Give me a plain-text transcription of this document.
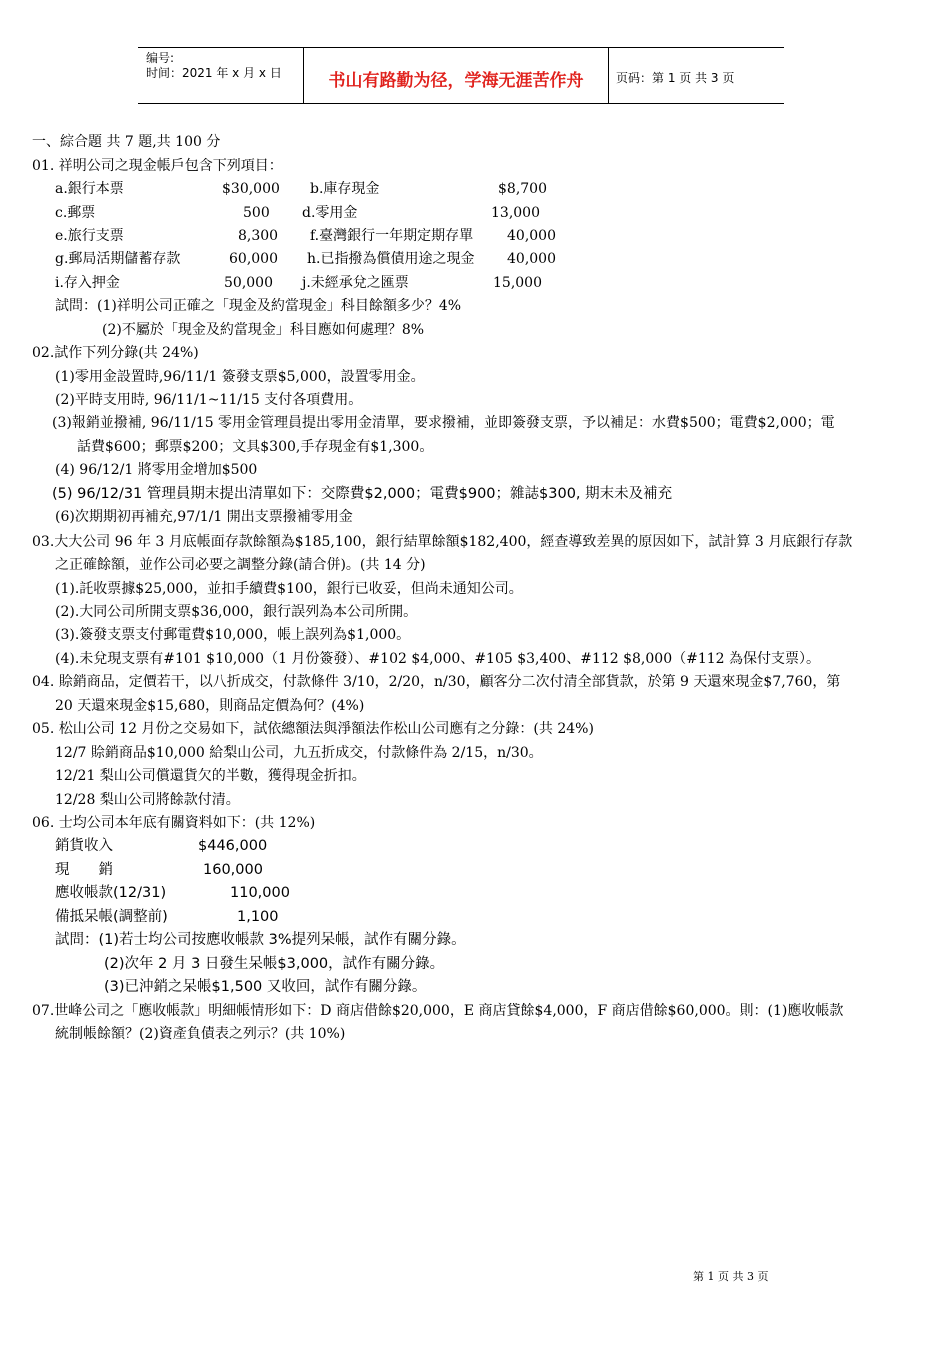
编号:
时间：2021 年 x 月 x 日	书山有路勤为径，学海无涯苦作舟	页码：第 1 页 共 3 页
一、綜合題 共 7 題,共 100 分
01. 祥明公司之現金帳戶包含下列項目：
a.銀行本票	$30,000 b.庫存現金	$8,700
c.郵票	500 d.零用金	13,000
e.旅行支票	8,300 f.臺灣銀行一年期定期存單 40,000
g.郵局活期儲蓄存款	60,000 h.已指撥為償債用途之現金 40,000
i.存入押金	50,000 j.未經承兌之匯票	15,000
試問：(1)祥明公司正確之「現金及約當現金」科目餘額多少？4%
(2)不屬於「現金及約當現金」科目應如何處理？8%
02.試作下列分錄(共 24%)
(1)零用金設置時,96/11/1 簽發支票$5,000，設置零用金。
(2)平時支用時, 96/11/1~11/15 支付各項費用。
(3)報銷並撥補, 96/11/15 零用金管理員提出零用金清單，要求撥補，並即簽發支票，予以補足：水費$500；電費$2,000；電
話費$600；郵票$200；文具$300,手存現金有$1,300。
(4) 96/12/1 將零用金增加$500
(5) 96/12/31 管理員期末提出清單如下：交際費$2,000；電費$900；雜誌$300, 期末未及補充
(6)次期期初再補充,97/1/1 開出支票撥補零用金
03.大大公司 96 年 3 月底帳面存款餘額為$185,100，銀行結單餘額$182,400，經查導致差異的原因如下，試計算 3 月底銀行存款
之正確餘額，並作公司必要之調整分錄(請合併)。(共 14 分)
(1).託收票據$25,000，並扣手續費$100，銀行已收妥，但尚未通知公司。
(2).大同公司所開支票$36,000，銀行誤列為本公司所開。
(3).簽發支票支付郵電費$10,000，帳上誤列為$1,000。
(4).未兌現支票有#101 $10,000（1 月份簽發）、#102 $4,000、#105 $3,400、#112 $8,000（#112 為保付支票）。
04. 賒銷商品，定價若干，以八折成交，付款條件 3/10，2/20，n/30，顧客分二次付清全部貨款，於第 9 天還來現金$7,760，第
20 天還來現金$15,680，則商品定價為何？(4%)
05. 松山公司 12 月份之交易如下，試依總額法與淨額法作松山公司應有之分錄：(共 24%)
12/7 賒銷商品$10,000 給梨山公司，九五折成交，付款條件為 2/15，n/30。
12/21 梨山公司償還貨欠的半數，獲得現金折扣。
12/28 梨山公司將餘款付清。
06. 士均公司本年底有關資料如下：(共 12%)
銷貨收入	$446,000
現　　銷	160,000
應收帳款(12/31)	110,000
備抵呆帳(調整前)	1,100
試問：(1)若士均公司按應收帳款 3%提列呆帳，試作有關分錄。
(2)次年 2 月 3 日發生呆帳$3,000，試作有關分錄。
(3)已沖銷之呆帳$1,500 又收回，試作有關分錄。
07.世峰公司之「應收帳款」明細帳情形如下：D 商店借餘$20,000，E 商店貸餘$4,000，F 商店借餘$60,000。則：(1)應收帳款
統制帳餘額？(2)資產負債表之列示？(共 10%)
第 1 页 共 3 页
